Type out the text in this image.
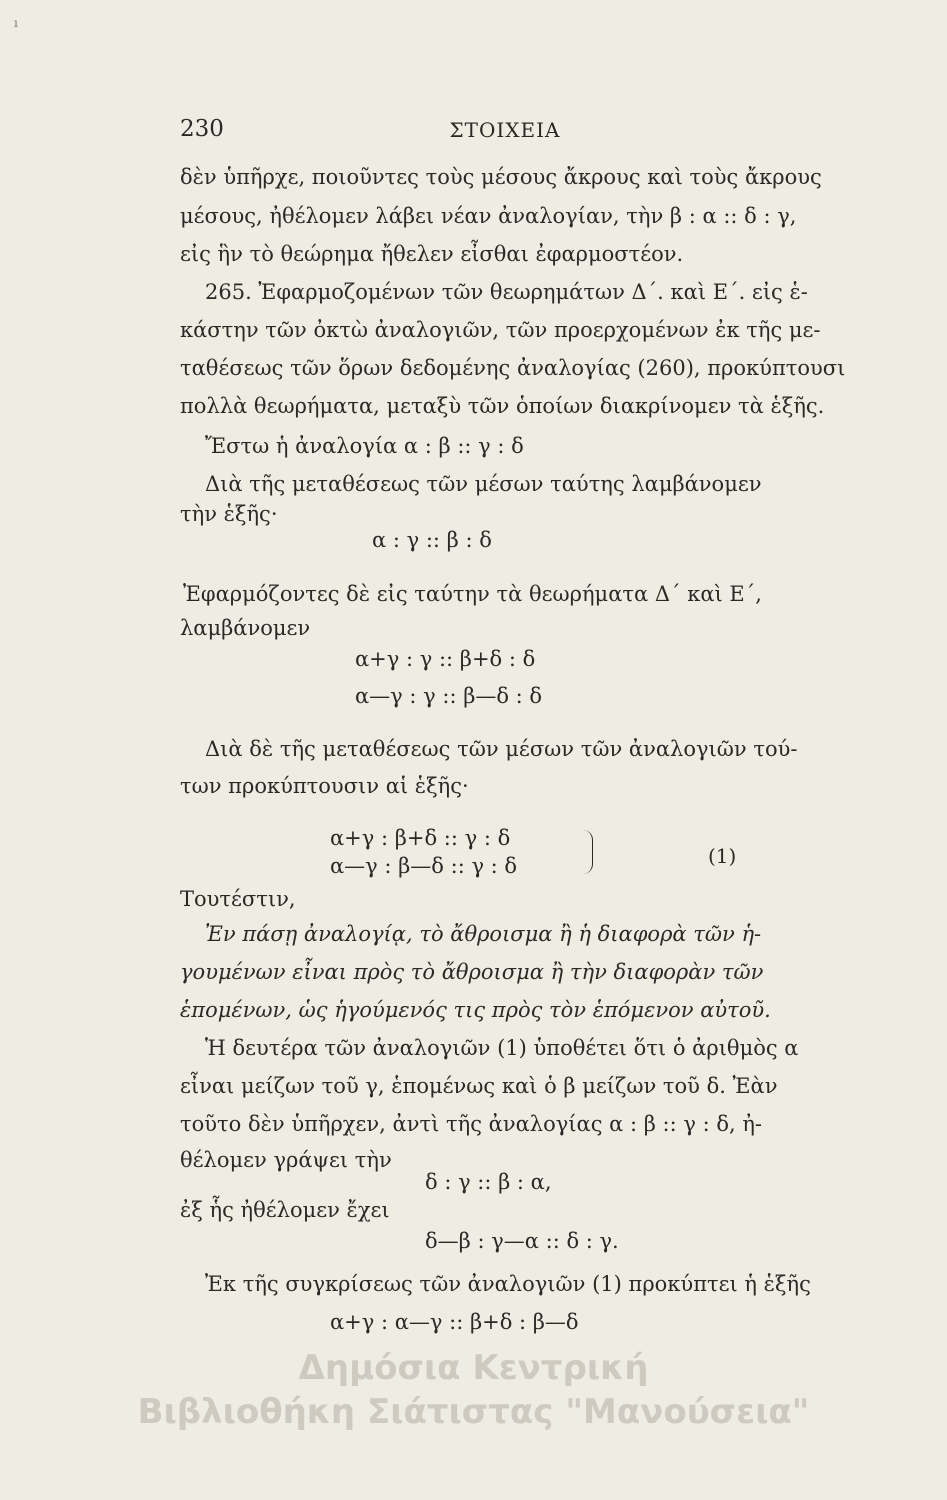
ı
230	ΣΤΟΙΧΕΙΑ
δὲν ὑπῆρχε, ποιοῦντες τοὺς μέσους ἄκρους καὶ τοὺς ἄκρους
μέσους, ἠθέλομεν λάβει νέαν ἀναλογίαν, τὴν β : α :: δ : γ,
εἰς ἣν τὸ θεώρημα ἤθελεν εἶσθαι ἐφαρμοστέον.
265. Ἐφαρμοζομένων τῶν θεωρημάτων Δ΄. καὶ Ε΄. εἰς ἑ-
κάστην τῶν ὀκτὼ ἀναλογιῶν, τῶν προερχομένων ἐκ τῆς με-
ταθέσεως τῶν ὅρων δεδομένης ἀναλογίας (260), προκύπτουσι
πολλὰ θεωρήματα, μεταξὺ τῶν ὁποίων διακρίνομεν τὰ ἑξῆς.
Ἔστω ἡ ἀναλογία α : β :: γ : δ
Διὰ τῆς μεταθέσεως τῶν μέσων ταύτης λαμβάνομεν
τὴν ἑξῆς·
α : γ :: β : δ
Ἐφαρμόζοντες δὲ εἰς ταύτην τὰ θεωρήματα Δ΄ καὶ Ε΄,
λαμβάνομεν
α+γ : γ :: β+δ : δ
α—γ : γ :: β—δ : δ
Διὰ δὲ τῆς μεταθέσεως τῶν μέσων τῶν ἀναλογιῶν τού-
των προκύπτουσιν αἱ ἑξῆς·
α+γ : β+δ :: γ : δ
α—γ : β—δ :: γ : δ	(1)
Τουτέστιν,
Ἐν πάσῃ ἀναλογίᾳ, τὸ ἄθροισμα ἢ ἡ διαφορὰ τῶν ἡ-
γουμένων εἶναι πρὸς τὸ ἄθροισμα ἢ τὴν διαφορὰν τῶν
ἑπομένων, ὡς ἡγούμενός τις πρὸς τὸν ἑπόμενον αὐτοῦ.
Ἡ δευτέρα τῶν ἀναλογιῶν (1) ὑποθέτει ὅτι ὁ ἀριθμὸς α
εἶναι μείζων τοῦ γ, ἑπομένως καὶ ὁ β μείζων τοῦ δ. Ἐὰν
τοῦτο δὲν ὑπῆρχεν, ἀντὶ τῆς ἀναλογίας α : β :: γ : δ, ἠ-
θέλομεν γράψει τὴν
δ : γ :: β : α,
ἐξ ἧς ἠθέλομεν ἔχει
δ—β : γ—α :: δ : γ.
Ἐκ τῆς συγκρίσεως τῶν ἀναλογιῶν (1) προκύπτει ἡ ἑξῆς
α+γ : α—γ :: β+δ : β—δ
Δημόσια Κεντρική
Βιβλιοθήκη Σιάτιστας "Μανούσεια"
